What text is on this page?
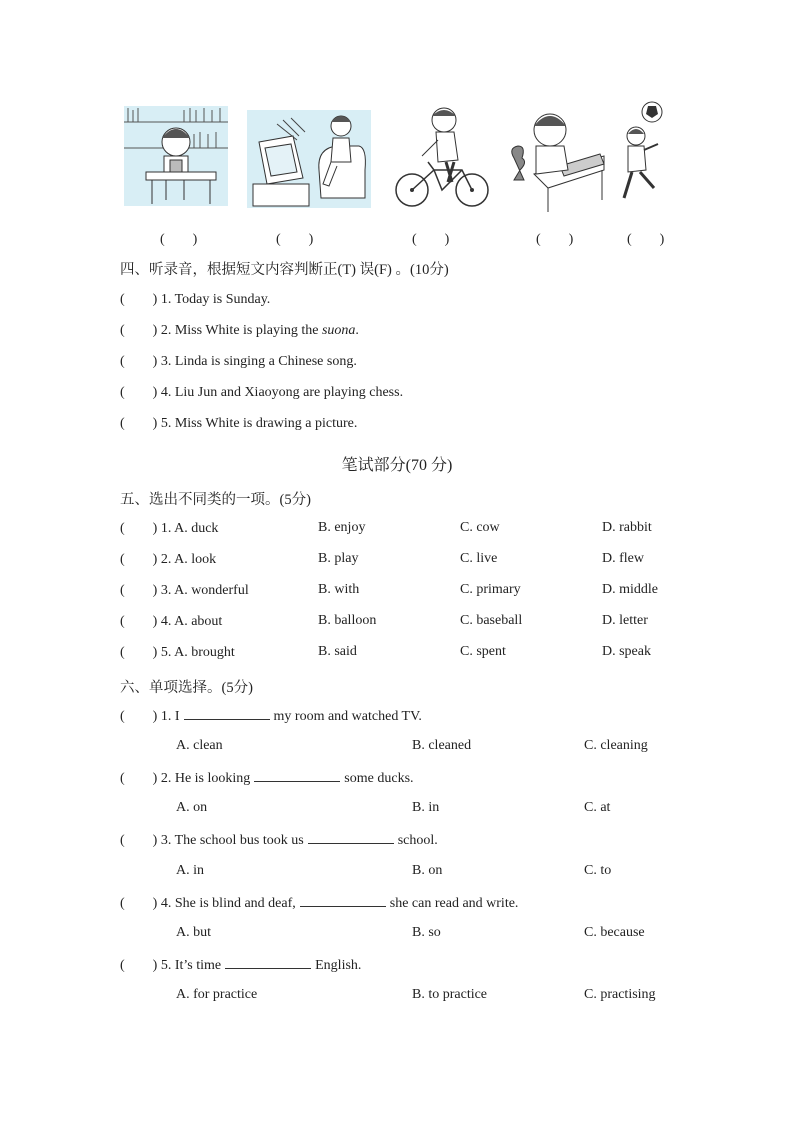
(　　)	(　　)	(　　)	(　　)	(　　)
四、听录音，根据短文内容判断正(T) 误(F) 。(10分)
( ) 1. Today is Sunday.
( ) 2. Miss White is playing the suona.
( ) 3. Linda is singing a Chinese song.
( ) 4. Liu Jun and Xiaoyong are playing chess.
( ) 5. Miss White is drawing a picture.
笔试部分(70 分)
五、选出不同类的一项。(5分)
( ) 1. A. duck	B. enjoy	C. cow	D. rabbit
( ) 2. A. look	B. play	C. live	D. flew
( ) 3. A. wonderful	B. with	C. primary	D. middle
( ) 4. A. about	B. balloon	C. baseball	D. letter
( ) 5. A. brought	B. said	C. spent	D. speak
六、单项选择。(5分)
( ) 1. I	my room and watched TV.
A. clean	B. cleaned	C. cleaning
( ) 2. He is looking	some ducks.
A. on	B. in	C. at
( ) 3. The school bus took us	school.
A. in	B. on	C. to
( ) 4. She is blind and deaf,	she can read and write.
A. but	B. so	C. because
( ) 5. It’s time	English.
A. for practice	B. to practice	C. practising
